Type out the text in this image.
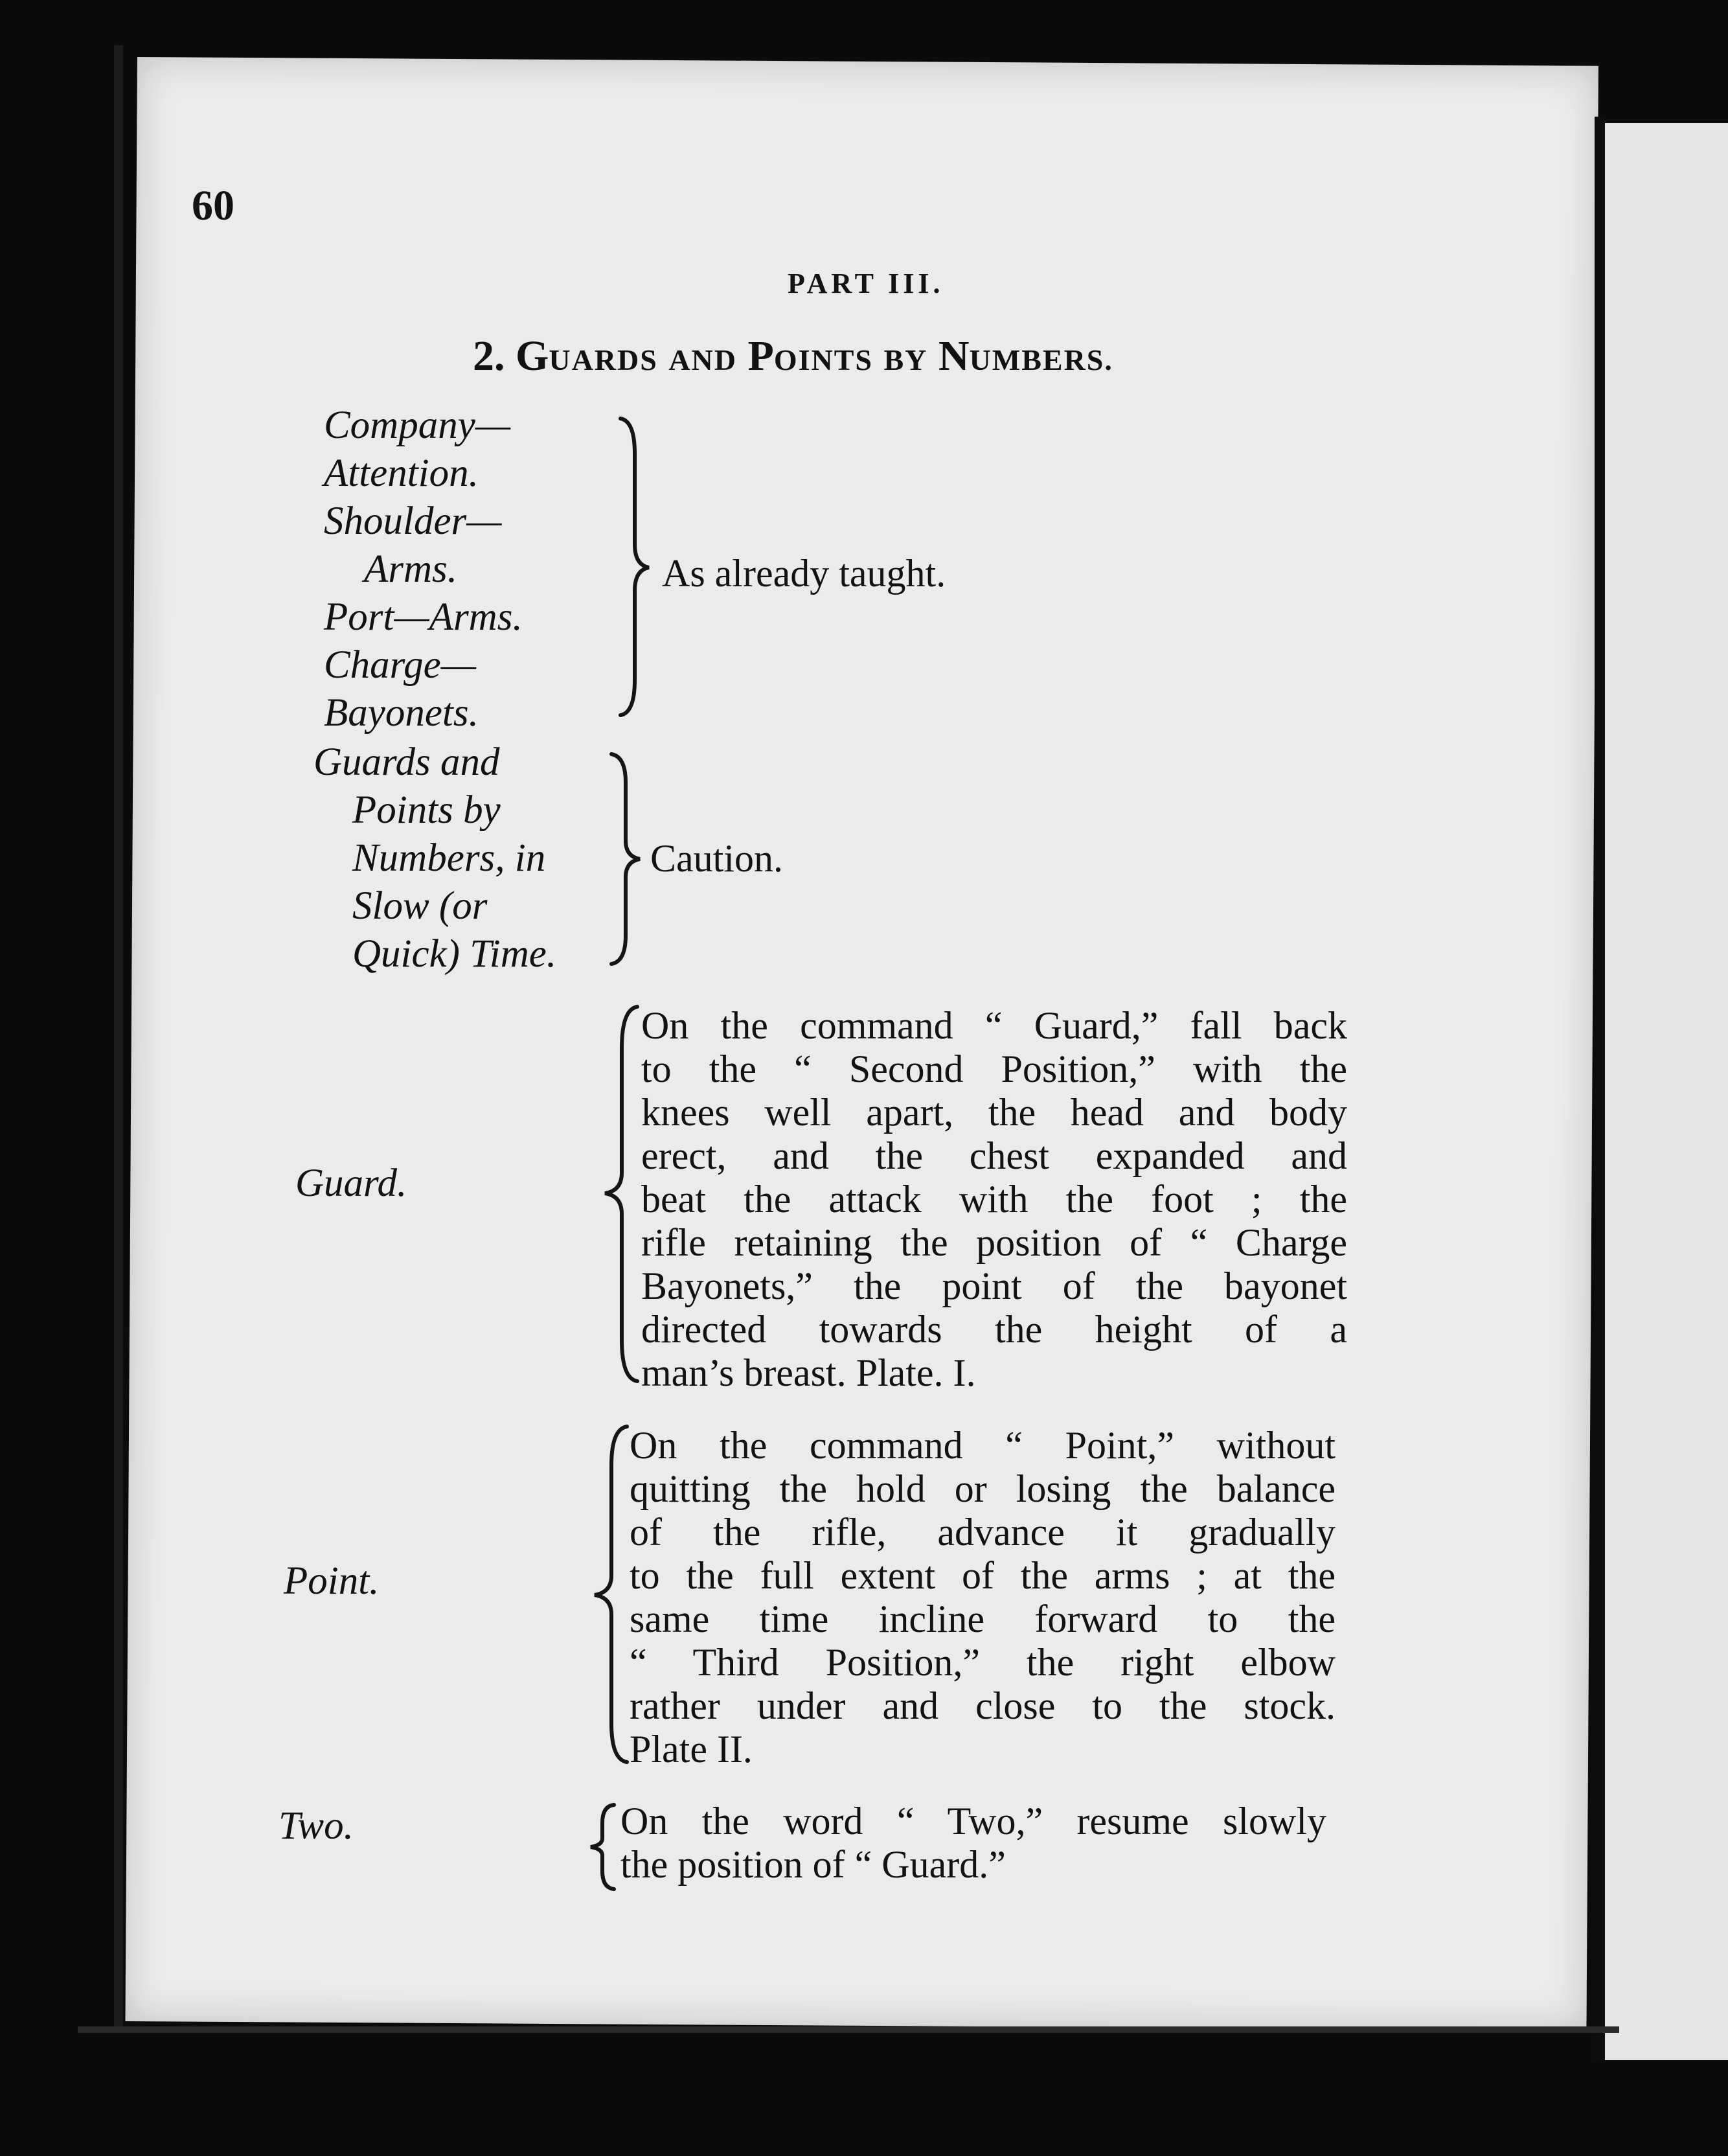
60
PART III.
2. GUARDS AND POINTS BY NUMBERS.
Company—
Attention.
Shoulder—
Arms.
Port—Arms.
Charge—
Bayonets.
As already taught.
Guards and
Points by
Numbers, in
Slow (or
Quick) Time.
Caution.
Guard.
On the command “ Guard,” fall back
to the “ Second Position,” with the
knees well apart, the head and body
erect, and the chest expanded and
beat the attack with the foot ; the
rifle retaining the position of “ Charge
Bayonets,” the point of the bayonet
directed towards the height of a
man’s breast. Plate. I.
Point.
On the command “ Point,” without
quitting the hold or losing the balance
of the rifle, advance it gradually
to the full extent of the arms ; at the
same time incline forward to the
“ Third Position,” the right elbow
rather under and close to the stock.
Plate II.
Two.	On the word “ Two,” resume slowly
the position of “ Guard.”
